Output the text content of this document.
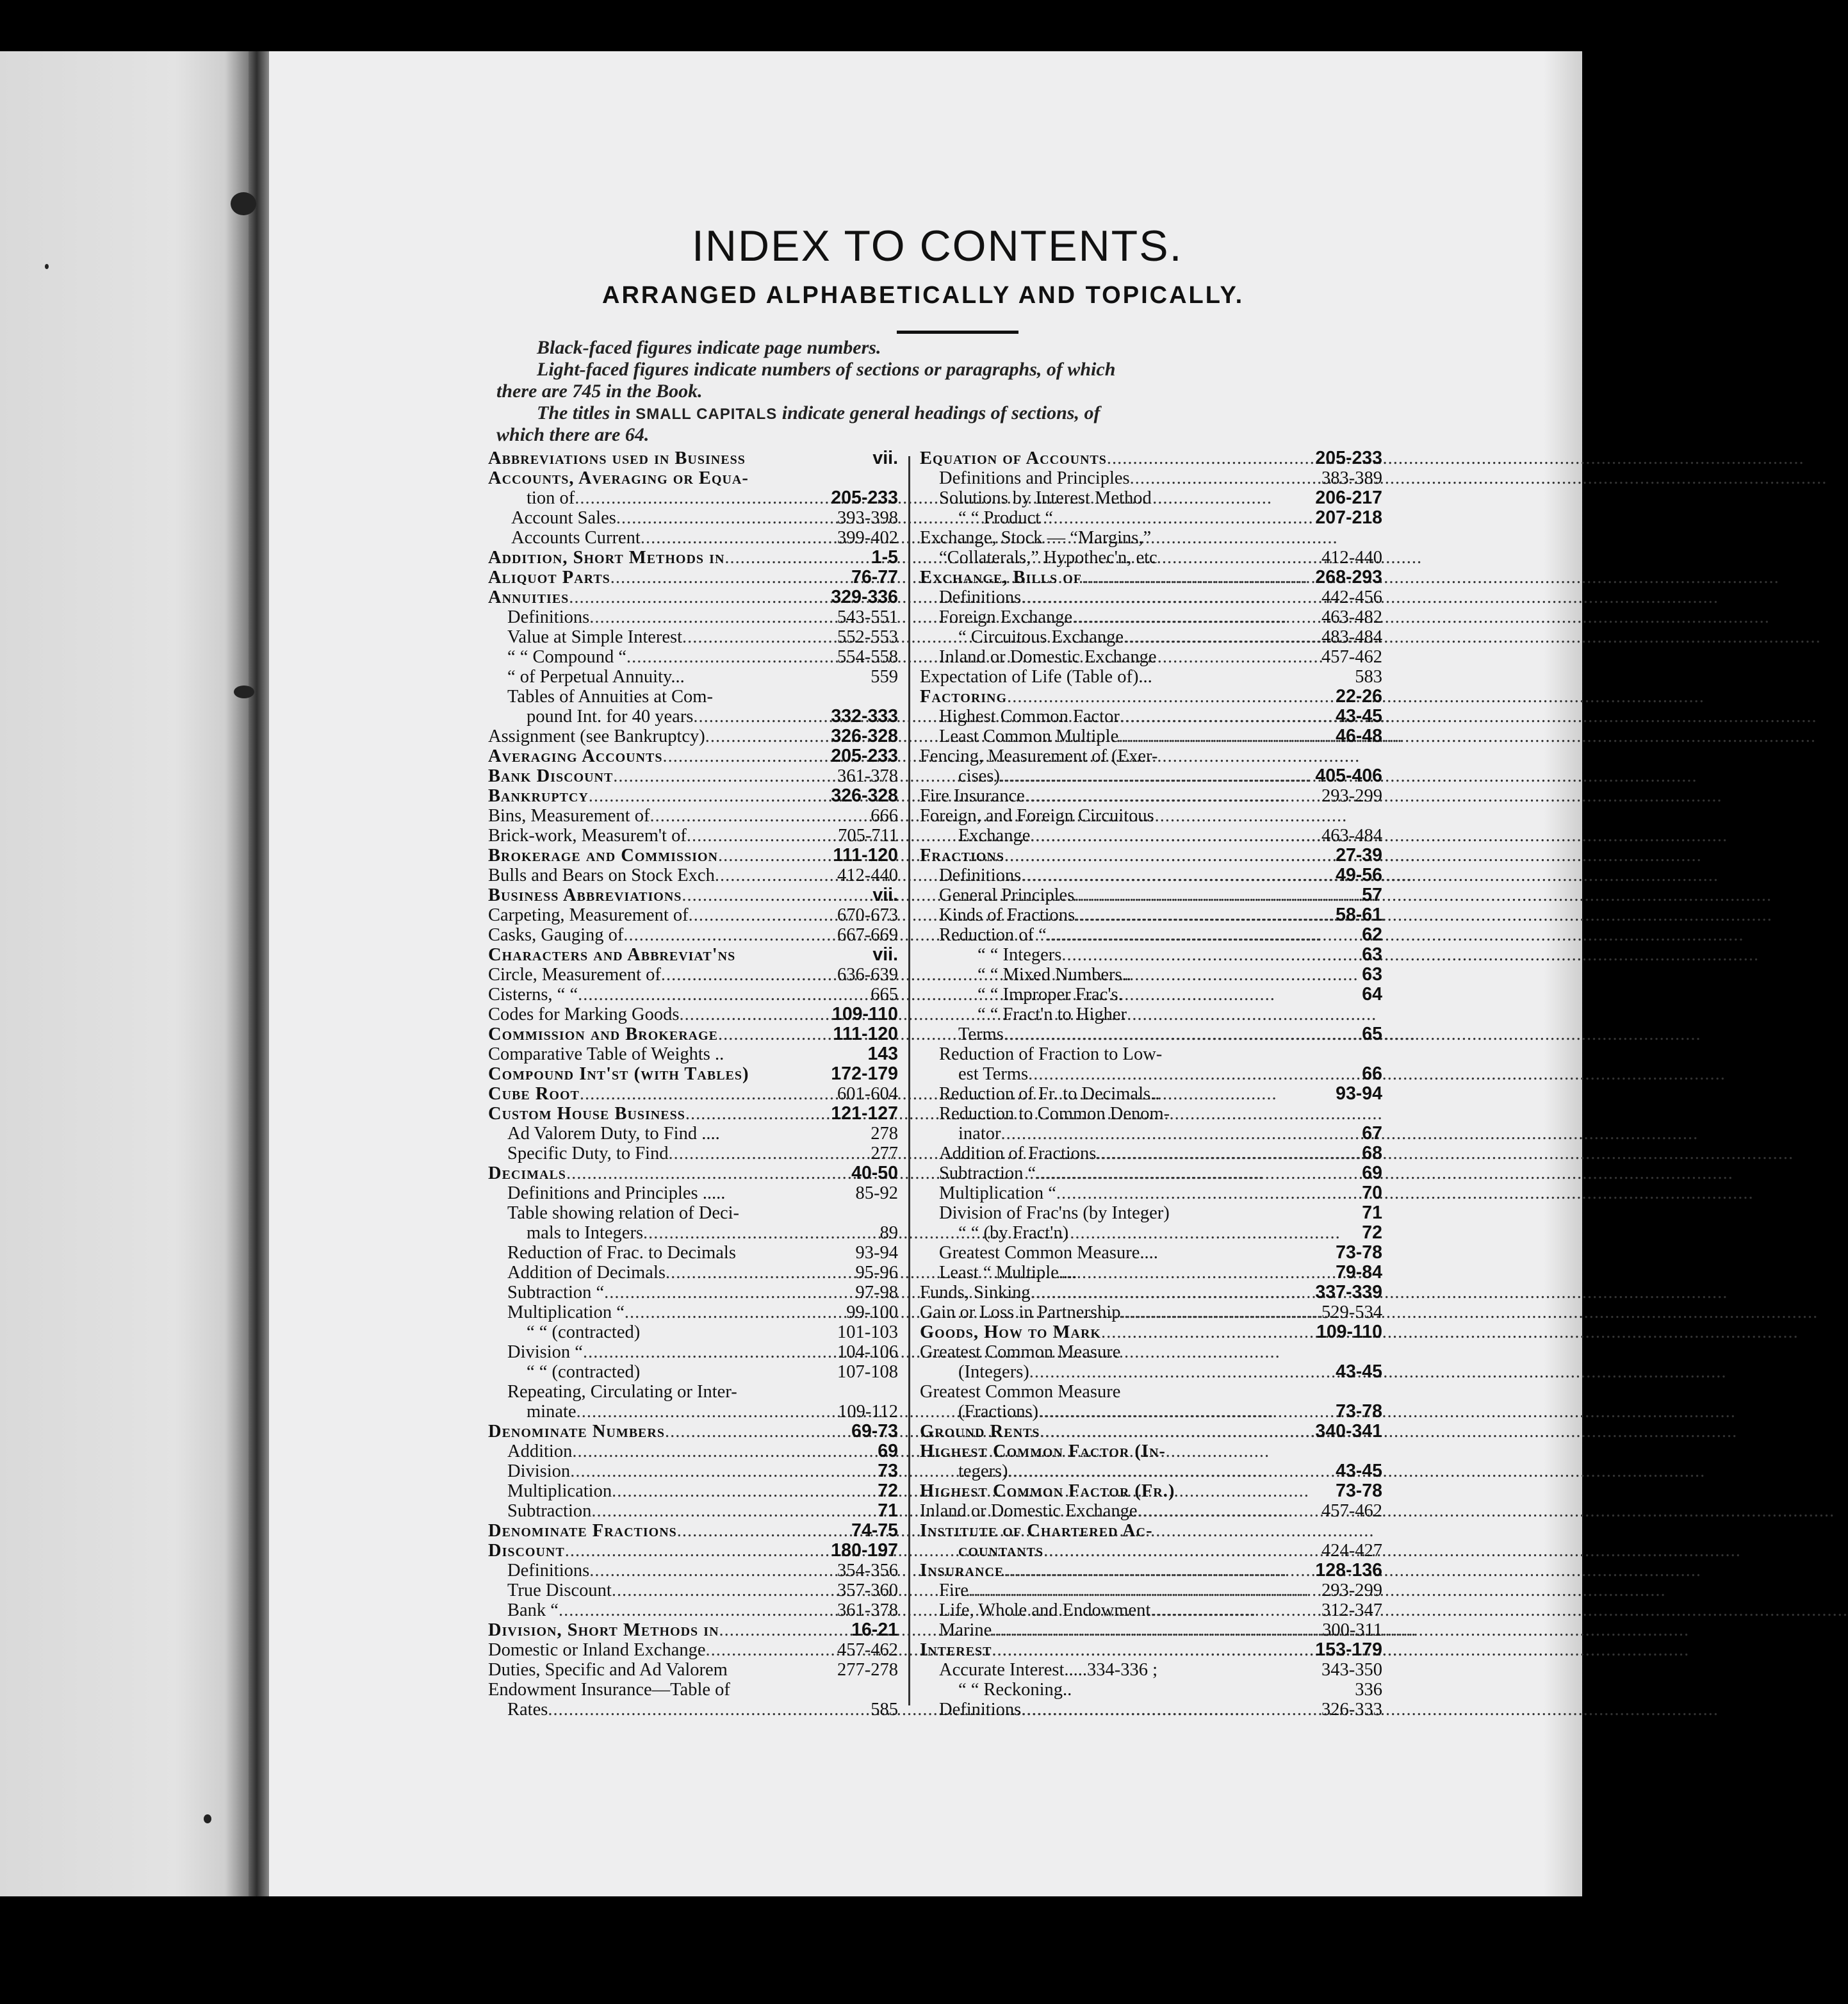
INDEX TO CONTENTS.
ARRANGED ALPHABETICALLY AND TOPICALLY.
Black-faced figures indicate page numbers.
Light-faced figures indicate numbers of sections or paragraphs, of which
there are 745 in the Book.
The titles in SMALL CAPITALS indicate general headings of sections, of
which there are 64.
Abbreviations used in Business	vii.
Accounts, Averaging or Equa-
tion of .....	205-233
Account Sales .....	393-398
Accounts Current .....	399-402
Addition, Short Methods in .....	1-5
Aliquot Parts .....	76-77
Annuities .....	329-336
Definitions .....	543-551
Value at Simple Interest .....	552-553
“ “ Compound “ .....	554-558
“ of Perpetual Annuity...	559
Tables of Annuities at Com-
pound Int. for 40 years .....	332-333
Assignment (see Bankruptcy) .....	326-328
Averaging Accounts .....	205-233
Bank Discount .....	361-378
Bankruptcy .....	326-328
Bins, Measurement of .....	666
Brick-work, Measurem't of .....	705-711
Brokerage and Commission .....	111-120
Bulls and Bears on Stock Exch .....	412-440
Business Abbreviations .....	vii.
Carpeting, Measurement of .....	670-673
Casks, Gauging of .....	667-669
Characters and Abbreviat'ns	vii.
Circle, Measurement of .....	636-639
Cisterns, “ “ .....	665
Codes for Marking Goods .....	109-110
Commission and Brokerage .....	111-120
Comparative Table of Weights ..	143
Compound Int'st (with Tables)	172-179
Cube Root .....	601-604
Custom House Business .....	121-127
Ad Valorem Duty, to Find ....	278
Specific Duty, to Find .....	277
Decimals .....	40-50
Definitions and Principles .....	85-92
Table showing relation of Deci-
mals to Integers .....	89
Reduction of Frac. to Decimals	93-94
Addition of Decimals .....	95-96
Subtraction “ .....	97-98
Multiplication “ .....	99-100
“ “ (contracted)	101-103
Division “ .....	104-106
“ “ (contracted)	107-108
Repeating, Circulating or Inter-
minate .....	109-112
Denominate Numbers .....	69-73
Addition .....	69
Division .....	73
Multiplication .....	72
Subtraction .....	71
Denominate Fractions .....	74-75
Discount .....	180-197
Definitions .....	354-356
True Discount .....	357-360
Bank “ .....	361-378
Division, Short Methods in .....	16-21
Domestic or Inland Exchange .....	457-462
Duties, Specific and Ad Valorem	277-278
Endowment Insurance—Table of
Rates .....	585
Equation of Accounts .....	205-233
Definitions and Principles .....	383-389
Solutions by Interest Method	206-217
“ “ Product “	207-218
Exchange, Stock — “Margins,”
“Collaterals,” Hypothec'n, etc	412-440
Exchange, Bills of .....	268-293
Definitions .....	442-456
Foreign Exchange .....	463-482
“ Circuitous Exchange .....	483-484
Inland or Domestic Exchange	457-462
Expectation of Life (Table of)...	583
Factoring .....	22-26
Highest Common Factor .....	43-45
Least Common Multiple .....	46-48
Fencing, Measurement of (Exer-
cises) .....	405-406
Fire Insurance .....	293-299
Foreign, and Foreign Circuitous
Exchange .....	463-484
Fractions .....	27-39
Definitions .....	49-56
General Principles .....	57
Kinds of Fractions .....	58-61
Reduction of “ .....	62
“ “ Integers .....	63
“ “ Mixed Numbers..	63
“ “ Improper Frac's.	64
“ “ Fract'n to Higher
Terms .....	65
Reduction of Fraction to Low-
est Terms .....	66
Reduction of Fr. to Decimals..	93-94
Reduction to Common Denom-
inator .....	67
Addition of Fractions .....	68
Subtraction “ .....	69
Multiplication “ .....	70
Division of Frac'ns (by Integer)	71
“ “ (by Fract'n)	72
Greatest Common Measure....	73-78
Least “ Multiple....	79-84
Funds, Sinking .....	337-339
Gain or Loss in Partnership .....	529-534
Goods, How to Mark .....	109-110
Greatest Common Measure
(Integers) .....	43-45
Greatest Common Measure
(Fractions) .....	73-78
Ground Rents .....	340-341
Highest Common Factor (In-
tegers) .....	43-45
Highest Common Factor (Fr.)	73-78
Inland or Domestic Exchange .....	457-462
Institute of Chartered Ac-
countants .....	424-427
Insurance .....	128-136
Fire .....	293-299
Life, Whole and Endowment .....	312-347
Marine .....	300-311
Interest .....	153-179
Accurate Interest.....334-336 ;	343-350
“ “ Reckoning..	336
Definitions .....	326-333
